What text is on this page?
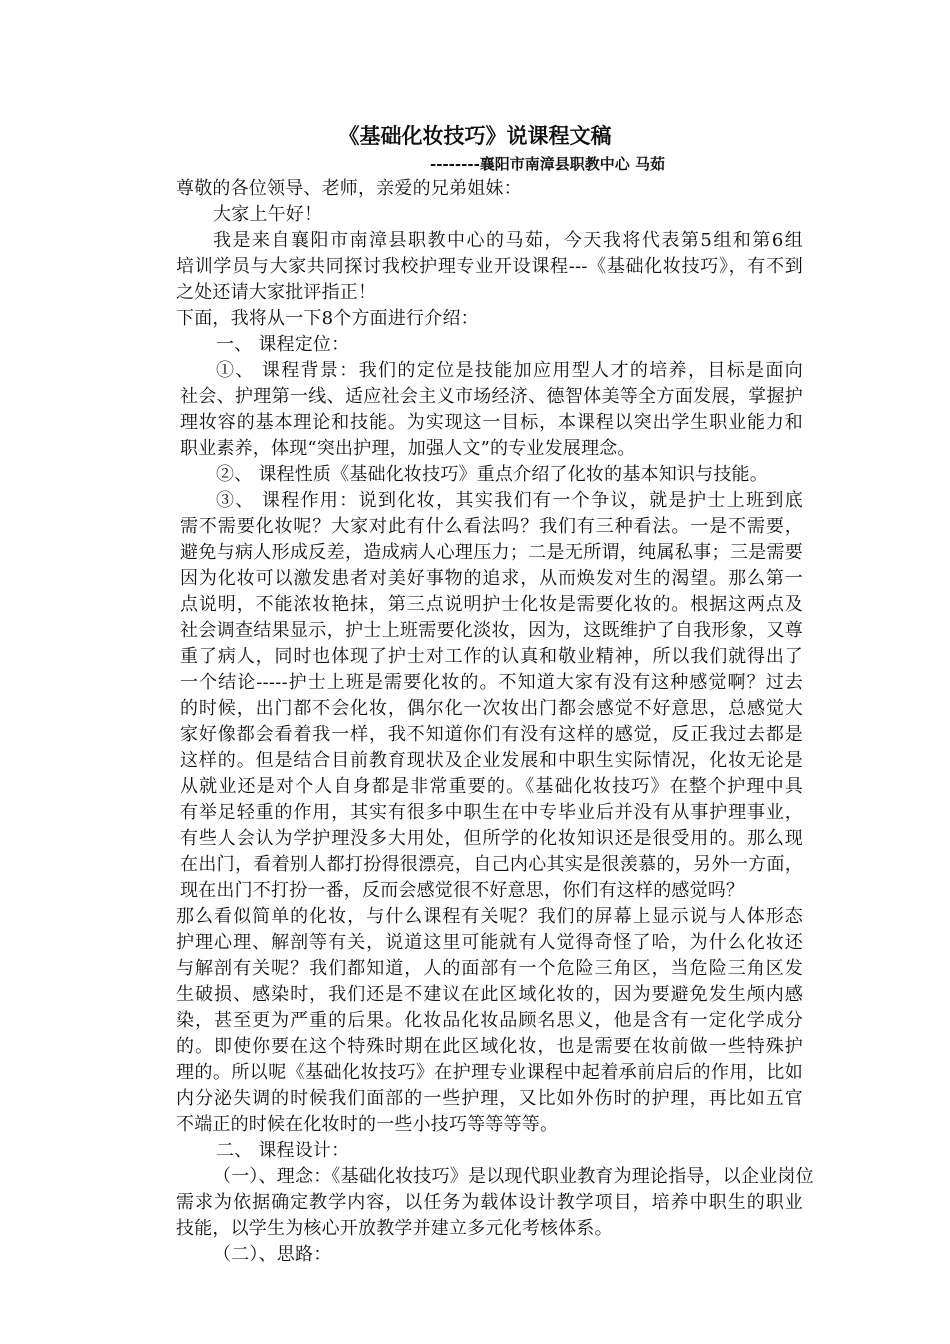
《基础化妆技巧》说课程文稿
--------襄阳市南漳县职教中心 马茹
尊敬的各位领导、老师，亲爱的兄弟姐妹：
大家上午好！
我是来自襄阳市南漳县职教中心的马茹，今天我将代表第5组和第6组
培训学员与大家共同探讨我校护理专业开设课程---《基础化妆技巧》，有不到
之处还请大家批评指正！
下面，我将从一下8个方面进行介绍：
一、 课程定位：
①、 课程背景：我们的定位是技能加应用型人才的培养，目标是面向
社会、护理第一线、适应社会主义市场经济、德智体美等全方面发展，掌握护
理妆容的基本理论和技能。为实现这一目标，本课程以突出学生职业能力和
职业素养，体现“突出护理，加强人文”的专业发展理念。
②、 课程性质《基础化妆技巧》重点介绍了化妆的基本知识与技能。
③、 课程作用：说到化妆，其实我们有一个争议，就是护士上班到底
需不需要化妆呢？大家对此有什么看法吗？我们有三种看法。一是不需要，
避免与病人形成反差，造成病人心理压力；二是无所谓，纯属私事；三是需要
因为化妆可以激发患者对美好事物的追求，从而焕发对生的渴望。那么第一
点说明，不能浓妆艳抹，第三点说明护士化妆是需要化妆的。根据这两点及
社会调查结果显示，护士上班需要化淡妆，因为，这既维护了自我形象，又尊
重了病人，同时也体现了护士对工作的认真和敬业精神，所以我们就得出了
一个结论-----护士上班是需要化妆的。不知道大家有没有这种感觉啊？过去
的时候，出门都不会化妆，偶尔化一次妆出门都会感觉不好意思，总感觉大
家好像都会看着我一样，我不知道你们有没有这样的感觉，反正我过去都是
这样的。但是结合目前教育现状及企业发展和中职生实际情况，化妆无论是
从就业还是对个人自身都是非常重要的。《基础化妆技巧》在整个护理中具
有举足轻重的作用，其实有很多中职生在中专毕业后并没有从事护理事业，
有些人会认为学护理没多大用处，但所学的化妆知识还是很受用的。那么现
在出门，看着别人都打扮得很漂亮，自己内心其实是很羡慕的，另外一方面，
现在出门不打扮一番，反而会感觉很不好意思，你们有这样的感觉吗？
那么看似简单的化妆，与什么课程有关呢？我们的屏幕上显示说与人体形态
护理心理、解剖等有关，说道这里可能就有人觉得奇怪了哈，为什么化妆还
与解剖有关呢？我们都知道，人的面部有一个危险三角区，当危险三角区发
生破损、感染时，我们还是不建议在此区域化妆的，因为要避免发生颅内感
染，甚至更为严重的后果。化妆品化妆品顾名思义，他是含有一定化学成分
的。即使你要在这个特殊时期在此区域化妆，也是需要在妆前做一些特殊护
理的。所以呢《基础化妆技巧》在护理专业课程中起着承前启后的作用，比如
内分泌失调的时候我们面部的一些护理，又比如外伤时的护理，再比如五官
不端正的时候在化妆时的一些小技巧等等等等。
二、 课程设计：
（一）、理念：《基础化妆技巧》是以现代职业教育为理论指导，以企业岗位
需求为依据确定教学内容，以任务为载体设计教学项目，培养中职生的职业
技能，以学生为核心开放教学并建立多元化考核体系。
（二）、思路：
